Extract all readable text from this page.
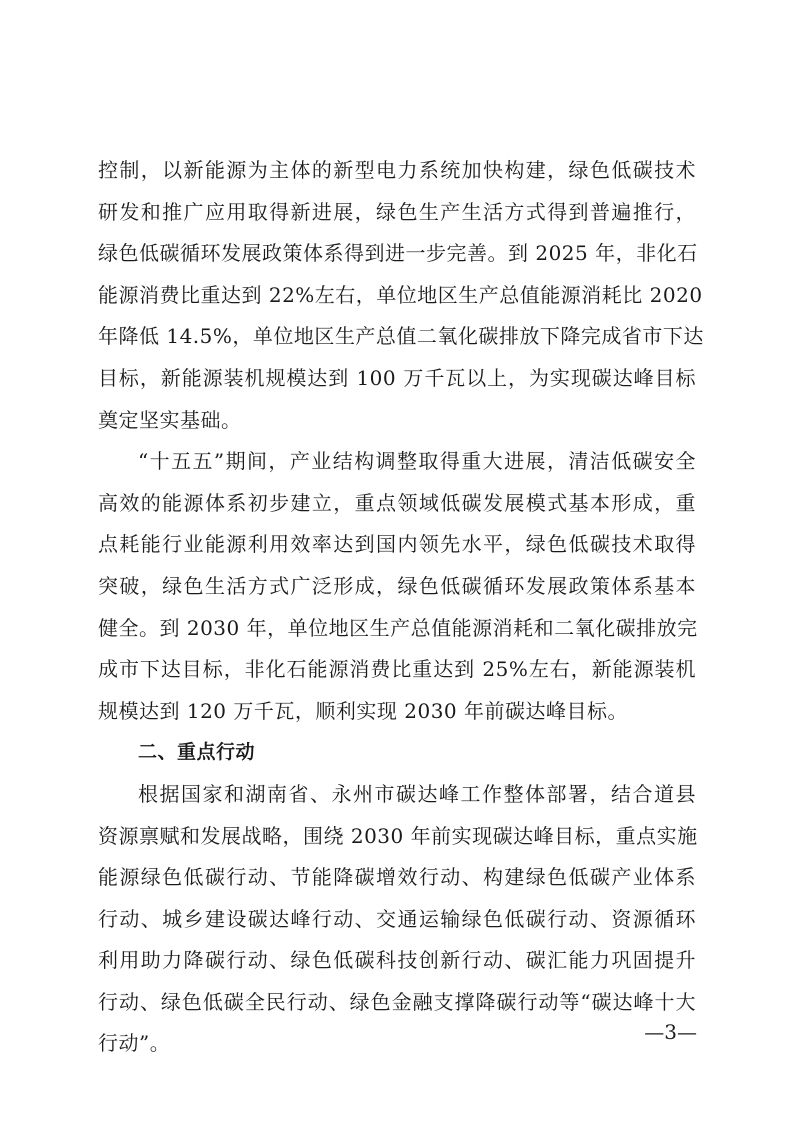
控制，以新能源为主体的新型电力系统加快构建，绿色低碳技术
研发和推广应用取得新进展，绿色生产生活方式得到普遍推行，
绿色低碳循环发展政策体系得到进一步完善。到 2025 年，非化石
能源消费比重达到 22%左右，单位地区生产总值能源消耗比 2020
年降低 14.5%，单位地区生产总值二氧化碳排放下降完成省市下达
目标，新能源装机规模达到 100 万千瓦以上，为实现碳达峰目标
奠定坚实基础。
“十五五”期间，产业结构调整取得重大进展，清洁低碳安全
高效的能源体系初步建立，重点领域低碳发展模式基本形成，重
点耗能行业能源利用效率达到国内领先水平，绿色低碳技术取得
突破，绿色生活方式广泛形成，绿色低碳循环发展政策体系基本
健全。到 2030 年，单位地区生产总值能源消耗和二氧化碳排放完
成市下达目标，非化石能源消费比重达到 25%左右，新能源装机
规模达到 120 万千瓦，顺利实现 2030 年前碳达峰目标。
二、重点行动
根据国家和湖南省、永州市碳达峰工作整体部署，结合道县
资源禀赋和发展战略，围绕 2030 年前实现碳达峰目标，重点实施
能源绿色低碳行动、节能降碳增效行动、构建绿色低碳产业体系
行动、城乡建设碳达峰行动、交通运输绿色低碳行动、资源循环
利用助力降碳行动、绿色低碳科技创新行动、碳汇能力巩固提升
行动、绿色低碳全民行动、绿色金融支撑降碳行动等“碳达峰十大
行动”。	—3—
